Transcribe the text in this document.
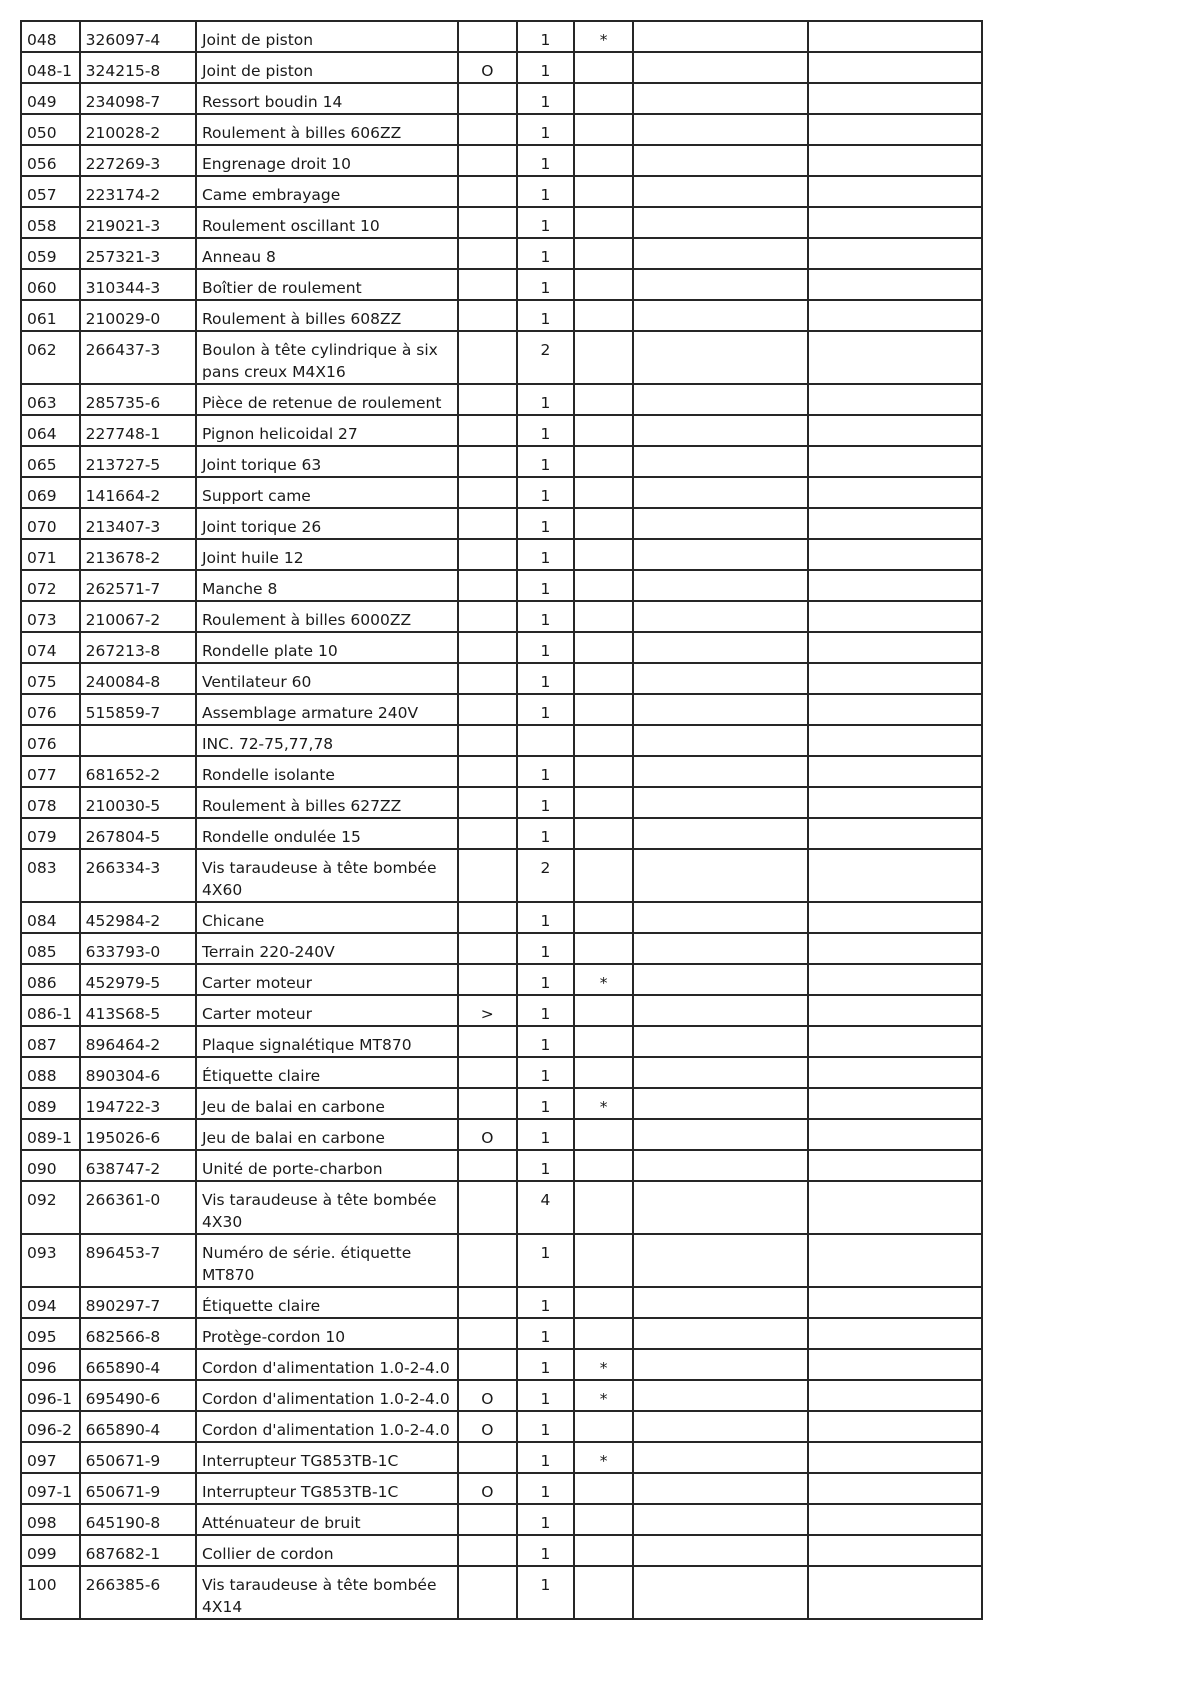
048	326097-4	Joint de piston		1	*		
048-1	324215-8	Joint de piston	O	1			
049	234098-7	Ressort boudin 14		1			
050	210028-2	Roulement à billes 606ZZ		1			
056	227269-3	Engrenage droit 10		1			
057	223174-2	Came embrayage		1			
058	219021-3	Roulement oscillant 10		1			
059	257321-3	Anneau 8		1			
060	310344-3	Boîtier de roulement		1			
061	210029-0	Roulement à billes 608ZZ		1			
062	266437-3	Boulon à tête cylindrique à six pans creux M4X16		2			
063	285735-6	Pièce de retenue de roulement		1			
064	227748-1	Pignon helicoidal 27		1			
065	213727-5	Joint torique 63		1			
069	141664-2	Support came		1			
070	213407-3	Joint torique 26		1			
071	213678-2	Joint huile 12		1			
072	262571-7	Manche 8		1			
073	210067-2	Roulement à billes 6000ZZ		1			
074	267213-8	Rondelle plate 10		1			
075	240084-8	Ventilateur 60		1			
076	515859-7	Assemblage armature 240V		1			
076		INC. 72-75,77,78					
077	681652-2	Rondelle isolante		1			
078	210030-5	Roulement à billes 627ZZ		1			
079	267804-5	Rondelle ondulée 15		1			
083	266334-3	Vis taraudeuse à tête bombée 4X60		2			
084	452984-2	Chicane		1			
085	633793-0	Terrain 220-240V		1			
086	452979-5	Carter moteur		1	*		
086-1	413S68-5	Carter moteur	>	1			
087	896464-2	Plaque signalétique MT870		1			
088	890304-6	Étiquette claire		1			
089	194722-3	Jeu de balai en carbone		1	*		
089-1	195026-6	Jeu de balai en carbone	O	1			
090	638747-2	Unité de porte-charbon		1			
092	266361-0	Vis taraudeuse à tête bombée 4X30		4			
093	896453-7	Numéro de série. étiquette MT870		1			
094	890297-7	Étiquette claire		1			
095	682566-8	Protège-cordon 10		1			
096	665890-4	Cordon d'alimentation 1.0-2-4.0		1	*		
096-1	695490-6	Cordon d'alimentation 1.0-2-4.0	O	1	*		
096-2	665890-4	Cordon d'alimentation 1.0-2-4.0	O	1			
097	650671-9	Interrupteur TG853TB-1C		1	*		
097-1	650671-9	Interrupteur TG853TB-1C	O	1			
098	645190-8	Atténuateur de bruit		1			
099	687682-1	Collier de cordon		1			
100	266385-6	Vis taraudeuse à tête bombée 4X14		1			
